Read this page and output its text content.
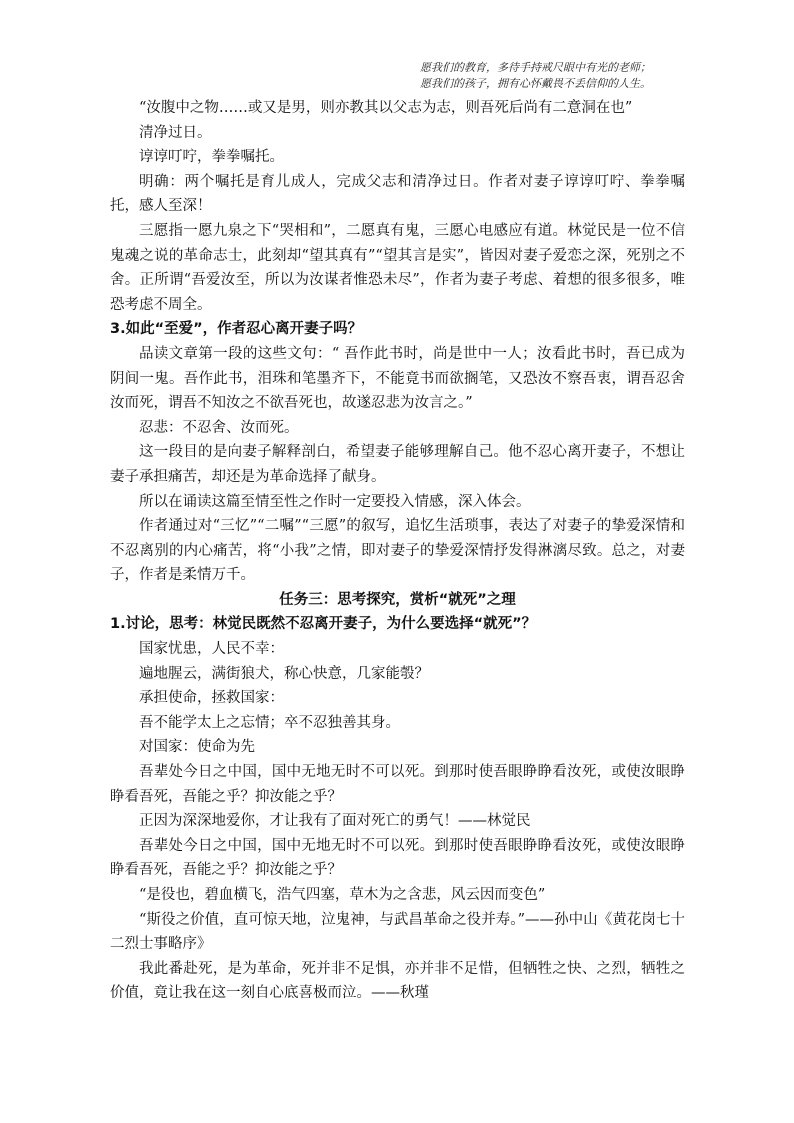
愿我们的教育，多待手持戒尺眼中有光的老师；
愿我们的孩子，拥有心怀戴畏不丢信仰的人生。

“汝腹中之物……或又是男，则亦教其以父志为志，则吾死后尚有二意洞在也”

清净过日。

谆谆叮咛，拳拳嘱托。

明确：两个嘱托是育儿成人，完成父志和清净过日。作者对妻子谆谆叮咛、拳拳嘱托，感人至深！

三愿指一愿九泉之下“哭相和”，二愿真有鬼，三愿心电感应有道。林觉民是一位不信鬼魂之说的革命志士，此刻却“望其真有”“望其言是实”，皆因对妻子爱恋之深，死别之不舍。正所谓“吾爱汝至，所以为汝谋者惟恐未尽”，作者为妻子考虑、着想的很多很多，唯恐考虑不周全。

3.如此“至爱”，作者忍心离开妻子吗？

品读文章第一段的这些文句：“ 吾作此书时，尚是世中一人；汝看此书时，吾已成为阴间一鬼。吾作此书，泪珠和笔墨齐下，不能竟书而欲搁笔，又恐汝不察吾衷，谓吾忍舍汝而死，谓吾不知汝之不欲吾死也，故遂忍悲为汝言之。”

忍悲：不忍舍、汝而死。

这一段目的是向妻子解释剖白，希望妻子能够理解自己。他不忍心离开妻子，不想让妻子承担痛苦，却还是为革命选择了献身。

所以在诵读这篇至情至性之作时一定要投入情感，深入体会。

作者通过对“三忆”“二嘱”“三愿”的叙写，追忆生活琐事，表达了对妻子的挚爱深情和不忍离别的内心痛苦，将“小我”之情，即对妻子的挚爱深情抒发得淋漓尽致。总之，对妻子，作者是柔情万千。

任务三：思考探究，赏析“就死”之理

1.讨论，思考：林觉民既然不忍离开妻子，为什么要选择“就死”？

国家忧患，人民不幸：

遍地腥云，满街狼犬，称心快意，几家能彀？

承担使命，拯救国家：

吾不能学太上之忘情；卒不忍独善其身。

对国家：使命为先

吾辈处今日之中国，国中无地无时不可以死。到那时使吾眼睁睁看汝死，或使汝眼睁睁看吾死，吾能之乎？抑汝能之乎？

正因为深深地爱你，才让我有了面对死亡的勇气！——林觉民

吾辈处今日之中国，国中无地无时不可以死。到那时使吾眼睁睁看汝死，或使汝眼睁睁看吾死，吾能之乎？抑汝能之乎？

“是役也，碧血横飞，浩气四塞，草木为之含悲，风云因而变色”

“斯役之价值，直可惊天地，泣鬼神，与武昌革命之役并寿。”——孙中山《黄花岗七十二烈士事略序》

我此番赴死，是为革命，死并非不足惧，亦并非不足惜，但牺牲之快、之烈，牺牲之价值，竟让我在这一刻自心底喜极而泣。——秋瑾
